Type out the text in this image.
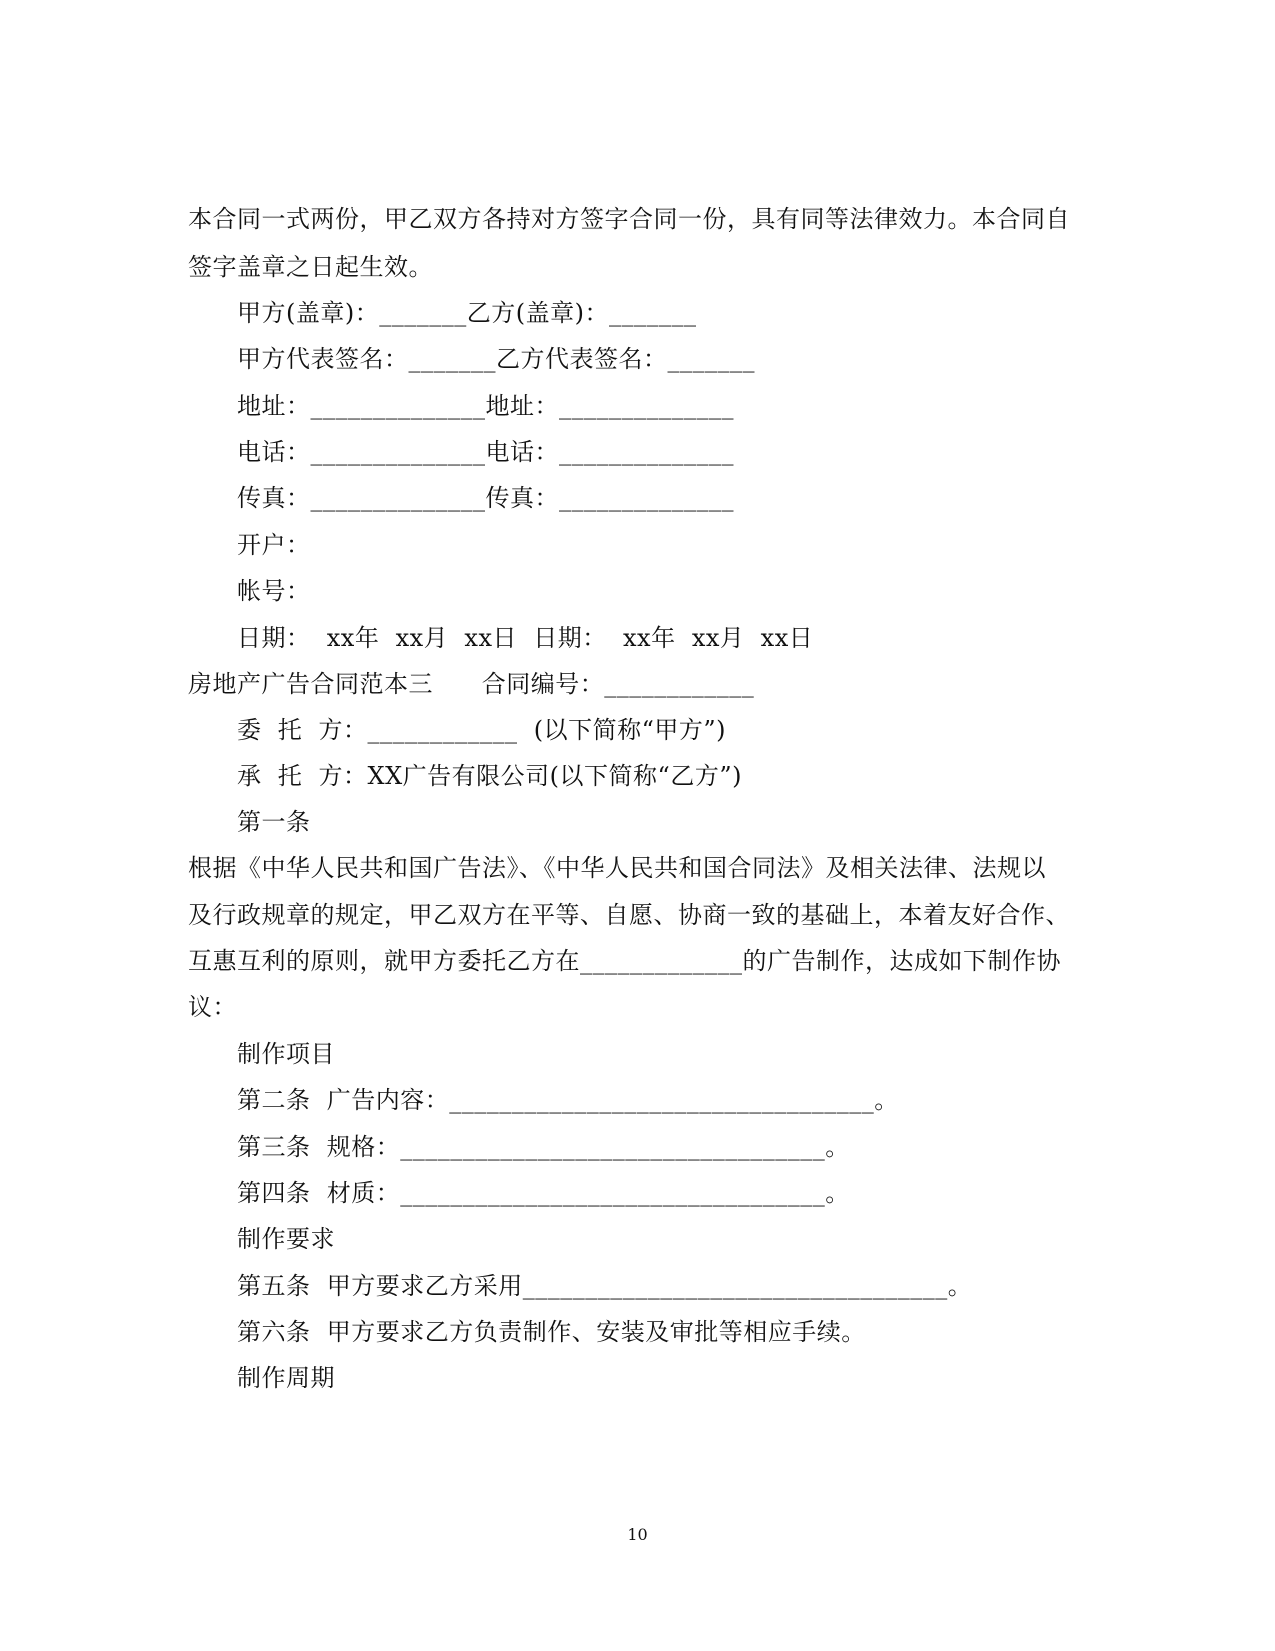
本合同一式两份，甲乙双方各持对方签字合同一份，具有同等法律效力。本合同自
签字盖章之日起生效。
甲方(盖章)：_______乙方(盖章)：_______
甲方代表签名：_______乙方代表签名：_______
地址：______________地址：______________
电话：______________电话：______________
传真：______________传真：______________
开户：
帐号：
日期：  xx年  xx月  xx日  日期：  xx年  xx月  xx日
房地产广告合同范本三      合同编号：____________
委  托  方：____________  (以下简称“甲方”)
承  托  方：XX广告有限公司(以下简称“乙方”)
第一条
根据《中华人民共和国广告法》、《中华人民共和国合同法》及相关法律、法规以
及行政规章的规定，甲乙双方在平等、自愿、协商一致的基础上，本着友好合作、
互惠互利的原则，就甲方委托乙方在_____________的广告制作，达成如下制作协
议：
制作项目
第二条  广告内容：__________________________________。
第三条  规格：__________________________________。
第四条  材质：__________________________________。
制作要求
第五条  甲方要求乙方采用__________________________________。
第六条  甲方要求乙方负责制作、安装及审批等相应手续。
制作周期
10
